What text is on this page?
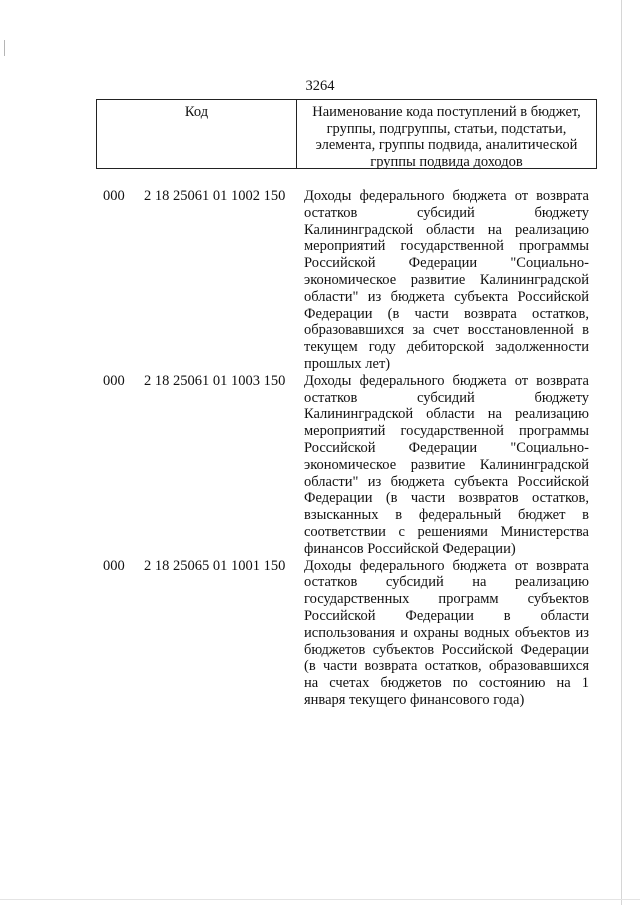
3264
Код	Наименование кода поступлений в бюджет, группы, подгруппы, статьи, подстатьи, элемента, группы подвида, аналитической группы подвида доходов
000 2 18 25061 01 1002 150 Доходы федерального бюджета от возврата остатков субсидий бюджету Калининградской области на реализацию мероприятий государственной программы Российской Федерации "Социально-экономическое развитие Калининградской области" из бюджета субъекта Российской Федерации (в части возврата остатков, образовавшихся за счет восстановленной в текущем году дебиторской задолженности прошлых лет)
000 2 18 25061 01 1003 150 Доходы федерального бюджета от возврата остатков субсидий бюджету Калининградской области на реализацию мероприятий государственной программы Российской Федерации "Социально-экономическое развитие Калининградской области" из бюджета субъекта Российской Федерации (в части возвратов остатков, взысканных в федеральный бюджет в соответствии с решениями Министерства финансов Российской Федерации)
000 2 18 25065 01 1001 150 Доходы федерального бюджета от возврата остатков субсидий на реализацию государственных программ субъектов Российской Федерации в области использования и охраны водных объектов из бюджетов субъектов Российской Федерации (в части возврата остатков, образовавшихся на счетах бюджетов по состоянию на 1 января текущего финансового года)
